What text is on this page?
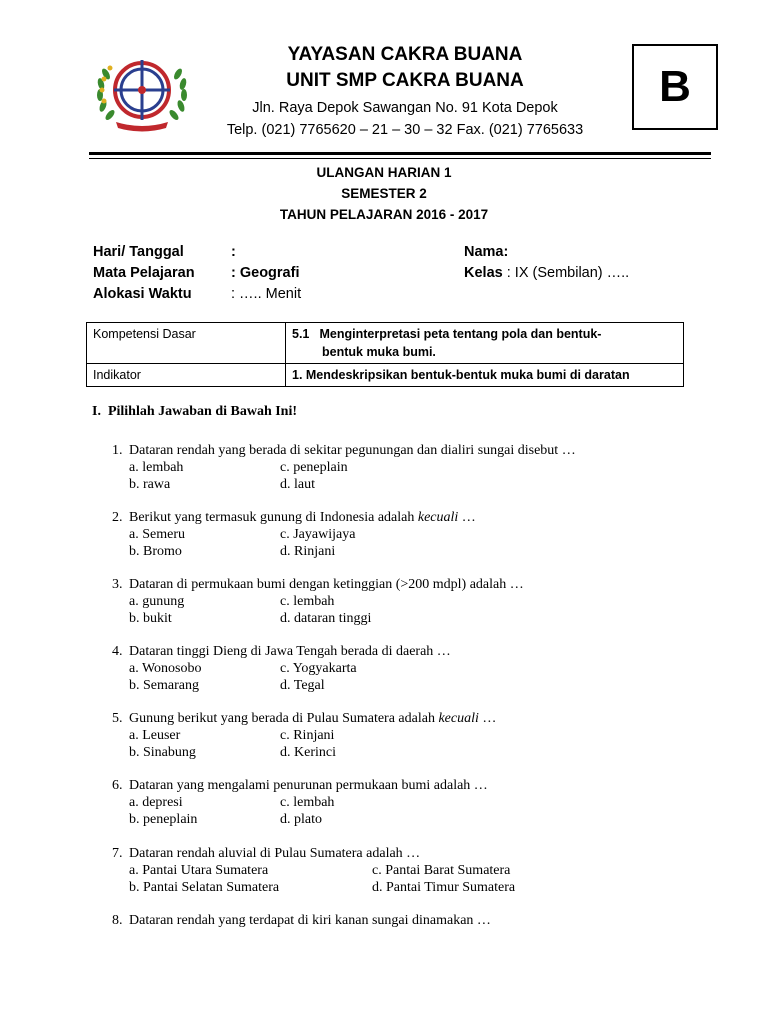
YAYASAN CAKRA BUANA
UNIT SMP CAKRA BUANA
Jln. Raya Depok Sawangan No. 91 Kota Depok
Telp. (021) 7765620 – 21 – 30 – 32 Fax. (021) 7765633
B
ULANGAN HARIAN 1
SEMESTER 2
TAHUN PELAJARAN 2016 - 2017
Hari/ Tanggal	:
Mata Pelajaran	: Geografi
Alokasi Waktu	: ….. Menit
Nama:
Kelas : IX (Sembilan) …..
Kompetensi Dasar	5.1 Menginterpretasi peta tentang pola dan bentuk-
bentuk muka bumi.

Indikator	1. Mendeskripsikan bentuk-bentuk muka bumi di daratan
I. Pilihlah Jawaban di Bawah Ini!
1. Dataran rendah yang berada di sekitar pegunungan dan dialiri sungai disebut …
a. lembah	c. peneplain
b. rawa	d. laut
2. Berikut yang termasuk gunung di Indonesia adalah kecuali …
a. Semeru	c. Jayawijaya
b. Bromo	d. Rinjani
3. Dataran di permukaan bumi dengan ketinggian (>200 mdpl) adalah …
a. gunung	c. lembah
b. bukit	d. dataran tinggi
4. Dataran tinggi Dieng di Jawa Tengah berada di daerah …
a. Wonosobo	c. Yogyakarta
b. Semarang	d. Tegal
5. Gunung berikut yang berada di Pulau Sumatera adalah kecuali …
a. Leuser	c. Rinjani
b. Sinabung	d. Kerinci
6. Dataran yang mengalami penurunan permukaan bumi adalah …
a. depresi	c. lembah
b. peneplain	d. plato
7. Dataran rendah aluvial di Pulau Sumatera adalah …
a. Pantai Utara Sumatera	c. Pantai Barat Sumatera
b. Pantai Selatan Sumatera	d. Pantai Timur Sumatera
8. Dataran rendah yang terdapat di kiri kanan sungai dinamakan …
